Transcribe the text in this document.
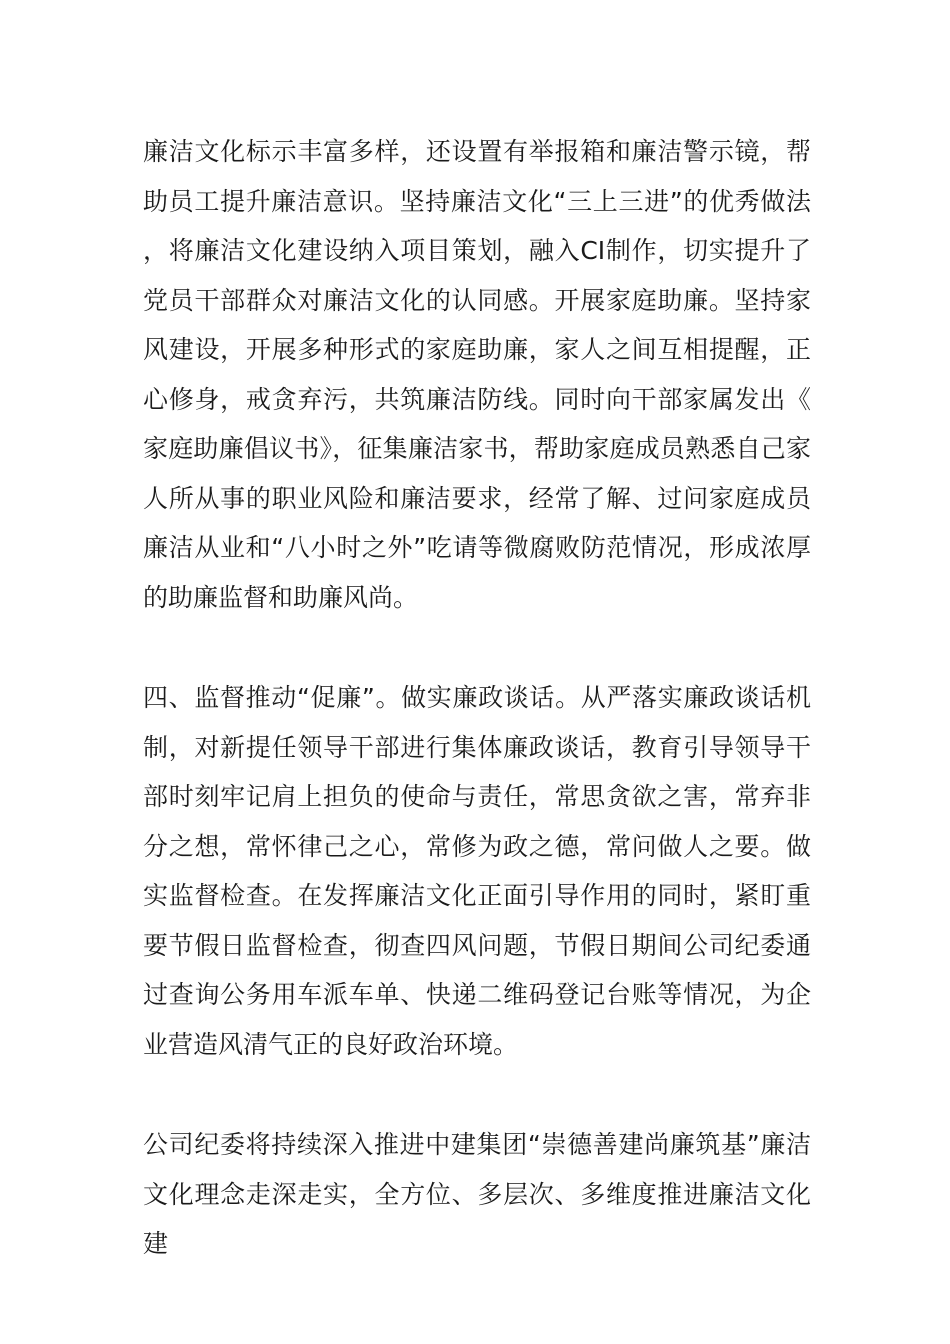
廉洁文化标示丰富多样，还设置有举报箱和廉洁警示镜，帮助员工提升廉洁意识。坚持廉洁文化“三上三进”的优秀做法，将廉洁文化建设纳入项目策划，融入CI制作，切实提升了党员干部群众对廉洁文化的认同感。开展家庭助廉。坚持家风建设，开展多种形式的家庭助廉，家人之间互相提醒，正心修身，戒贪弃污，共筑廉洁防线。同时向干部家属发出《家庭助廉倡议书》，征集廉洁家书，帮助家庭成员熟悉自己家人所从事的职业风险和廉洁要求，经常了解、过问家庭成员廉洁从业和“八小时之外”吃请等微腐败防范情况，形成浓厚的助廉监督和助廉风尚。

四、监督推动“促廉”。做实廉政谈话。从严落实廉政谈话机制，对新提任领导干部进行集体廉政谈话，教育引导领导干部时刻牢记肩上担负的使命与责任，常思贪欲之害，常弃非分之想，常怀律己之心，常修为政之德，常问做人之要。做实监督检查。在发挥廉洁文化正面引导作用的同时，紧盯重要节假日监督检查，彻查四风问题，节假日期间公司纪委通过查询公务用车派车单、快递二维码登记台账等情况，为企业营造风清气正的良好政治环境。

公司纪委将持续深入推进中建集团“崇德善建尚廉筑基”廉洁文化理念走深走实，全方位、多层次、多维度推进廉洁文化建
